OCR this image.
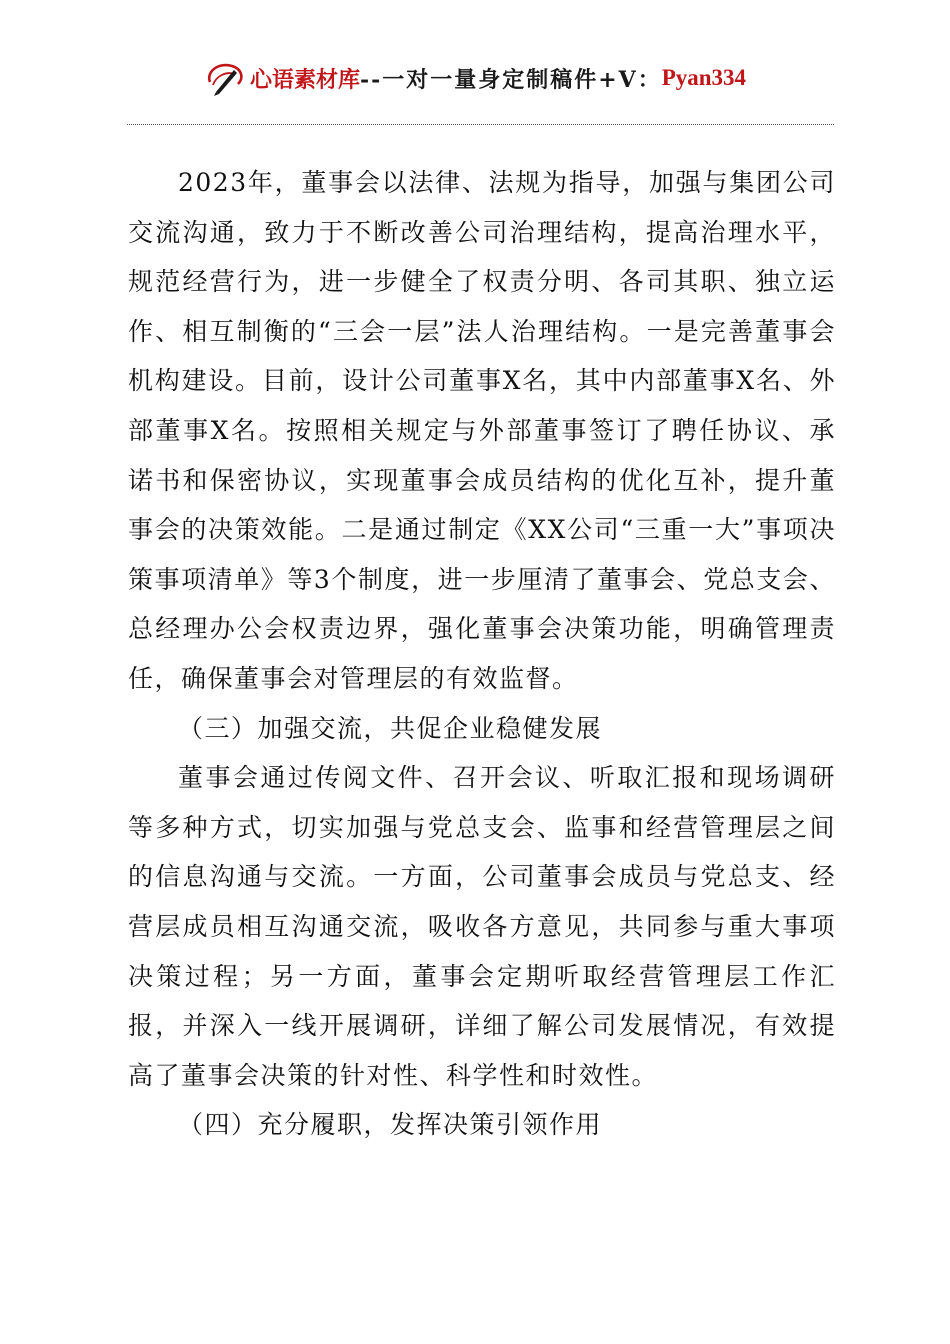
心语素材库--一对一量身定制稿件+V：Pyan334

2023年，董事会以法律、法规为指导，加强与集团公司交流沟通，致力于不断改善公司治理结构，提高治理水平，规范经营行为，进一步健全了权责分明、各司其职、独立运作、相互制衡的“三会一层”法人治理结构。一是完善董事会机构建设。目前，设计公司董事X名，其中内部董事X名、外部董事X名。按照相关规定与外部董事签订了聘任协议、承诺书和保密协议，实现董事会成员结构的优化互补，提升董事会的决策效能。二是通过制定《XX公司“三重一大”事项决策事项清单》等3个制度，进一步厘清了董事会、党总支会、总经理办公会权责边界，强化董事会决策功能，明确管理责任，确保董事会对管理层的有效监督。

（三）加强交流，共促企业稳健发展

董事会通过传阅文件、召开会议、听取汇报和现场调研等多种方式，切实加强与党总支会、监事和经营管理层之间的信息沟通与交流。一方面，公司董事会成员与党总支、经营层成员相互沟通交流，吸收各方意见，共同参与重大事项决策过程；另一方面，董事会定期听取经营管理层工作汇报，并深入一线开展调研，详细了解公司发展情况，有效提高了董事会决策的针对性、科学性和时效性。

（四）充分履职，发挥决策引领作用
